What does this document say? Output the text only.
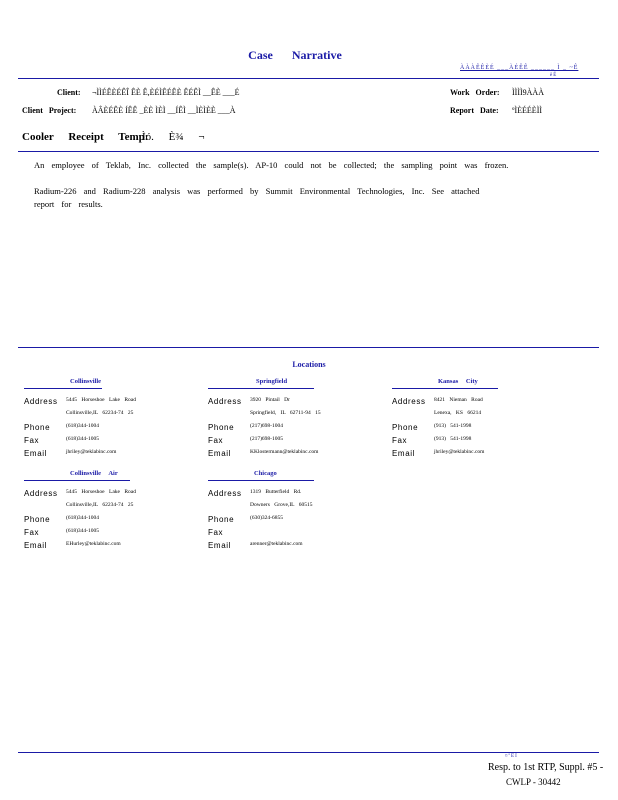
Case Narrative
ÀÀÀÊÊÈÉ ___ÀÉÊÊ ______ Ì _ ~Ê
êÉ
Client: ¬ÌÌÉÊÈÉÊÎ ÊÈ Ê,ÈÉÌÊÉÊÈ ÊÉÊÌ __ÊÈ ___É
Client Project: ÀÂÈÉÊÈ ÍÊÊ _ÈÈ ÌÈÌ __ÍÊÌ __ÌÈÌÈÈ ___À
Work Order: ÌÌÌÌ9ÀÀÀ
Report Date: ºÌÈÉÉÈÌÌ
Cooler Receipt Temp:
Ìó. È¾ ¬
An employee of Teklab, Inc. collected the sample(s). AP-10 could not be collected; the sampling point was frozen.
Radium-226 and Radium-228 analysis was performed by Summit Environmental Technologies, Inc. See attached
report for results.
Locations
Collinsville
Address 5445 Horseshoe Lake Road
Collinsville,IL 62234-74 25
Phone	(618)344-1004
Fax	(618)344-1005
Email	jhriley@teklabinc.com
Springfield
Address 3920 Pintail Dr
Springfield, IL 62711-94 15
Phone	(217)698-1004
Fax	(217)698-1005
Email	KKlostermann@teklabinc.com
Kansas City
Address 8421 Nieman Road
Lenexa, KS 66214
Phone	(913) 541-1998
Fax	(913) 541-1998
Email	jhriley@teklabinc.com
Collinsville Air
Address 5445 Horseshoe Lake Road
Collinsville,IL 62234-74 25
Phone	(618)344-1004
Fax	(618)344-1005
Email	EHurley@teklabinc.com
Chicago
Address 1319 Butterfield Rd.
Downers Grove,IL 60515
Phone	(630)324-6855
Fax
Email	arenner@teklabinc.com
¤ºÊÌ
Resp. to 1st RTP, Suppl. #5 -
CWLP - 30442
